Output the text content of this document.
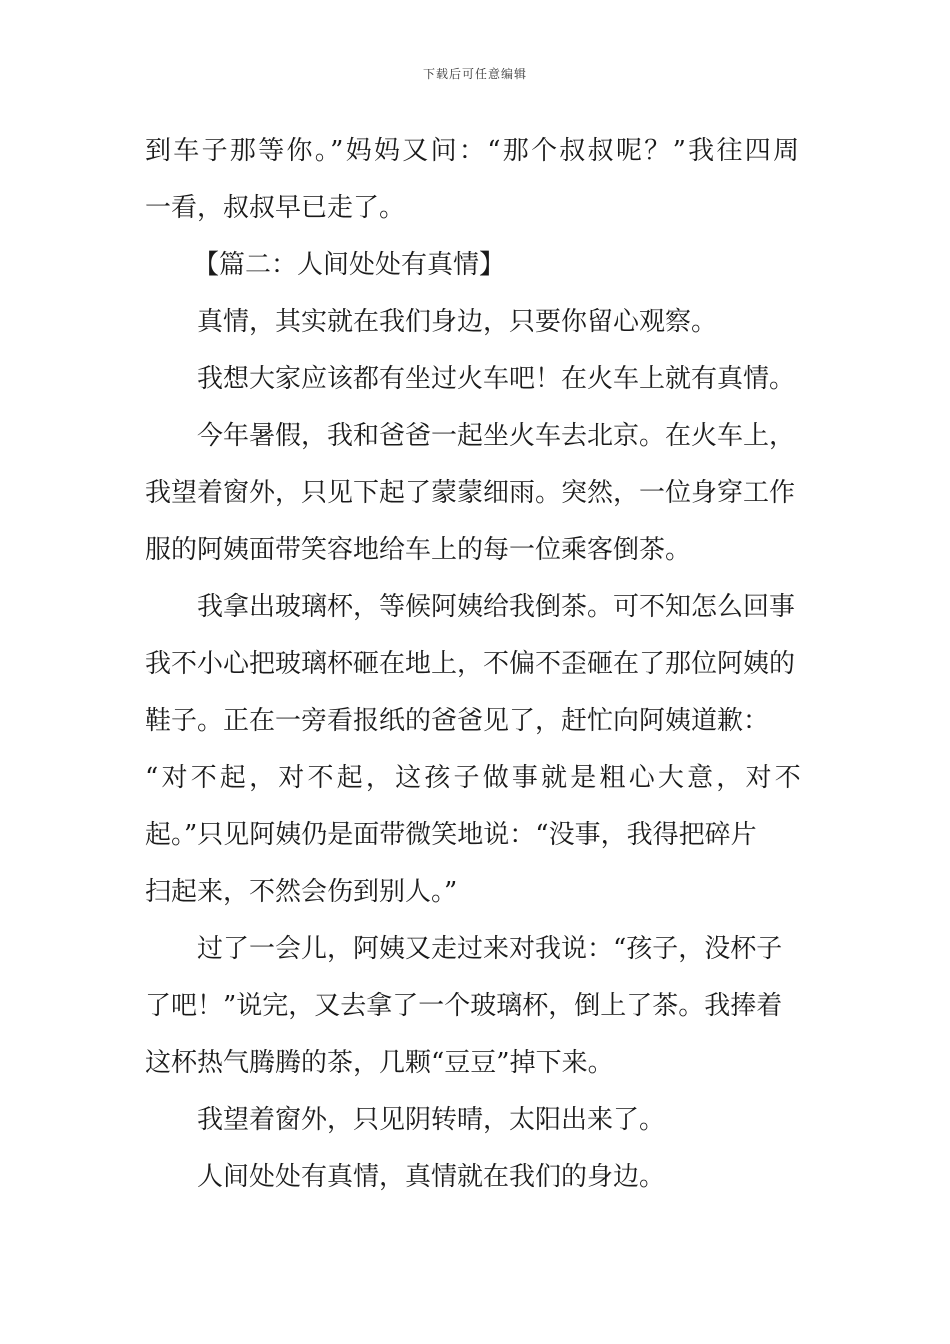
下载后可任意编辑
到车子那等你。”妈妈又问：“那个叔叔呢？”我往四周
一看，叔叔早已走了。
【篇二：人间处处有真情】
真情，其实就在我们身边，只要你留心观察。
我想大家应该都有坐过火车吧！在火车上就有真情。
今年暑假，我和爸爸一起坐火车去北京。在火车上，
我望着窗外，只见下起了蒙蒙细雨。突然，一位身穿工作
服的阿姨面带笑容地给车上的每一位乘客倒茶。
我拿出玻璃杯，等候阿姨给我倒茶。可不知怎么回事
我不小心把玻璃杯砸在地上，不偏不歪砸在了那位阿姨的
鞋子。正在一旁看报纸的爸爸见了，赶忙向阿姨道歉：
“对不起，对不起，这孩子做事就是粗心大意，对不
起。”只见阿姨仍是面带微笑地说：“没事，我得把碎片
扫起来，不然会伤到别人。”
过了一会儿，阿姨又走过来对我说：“孩子，没杯子
了吧！”说完，又去拿了一个玻璃杯，倒上了茶。我捧着
这杯热气腾腾的茶，几颗“豆豆”掉下来。
我望着窗外，只见阴转晴，太阳出来了。
人间处处有真情，真情就在我们的身边。
